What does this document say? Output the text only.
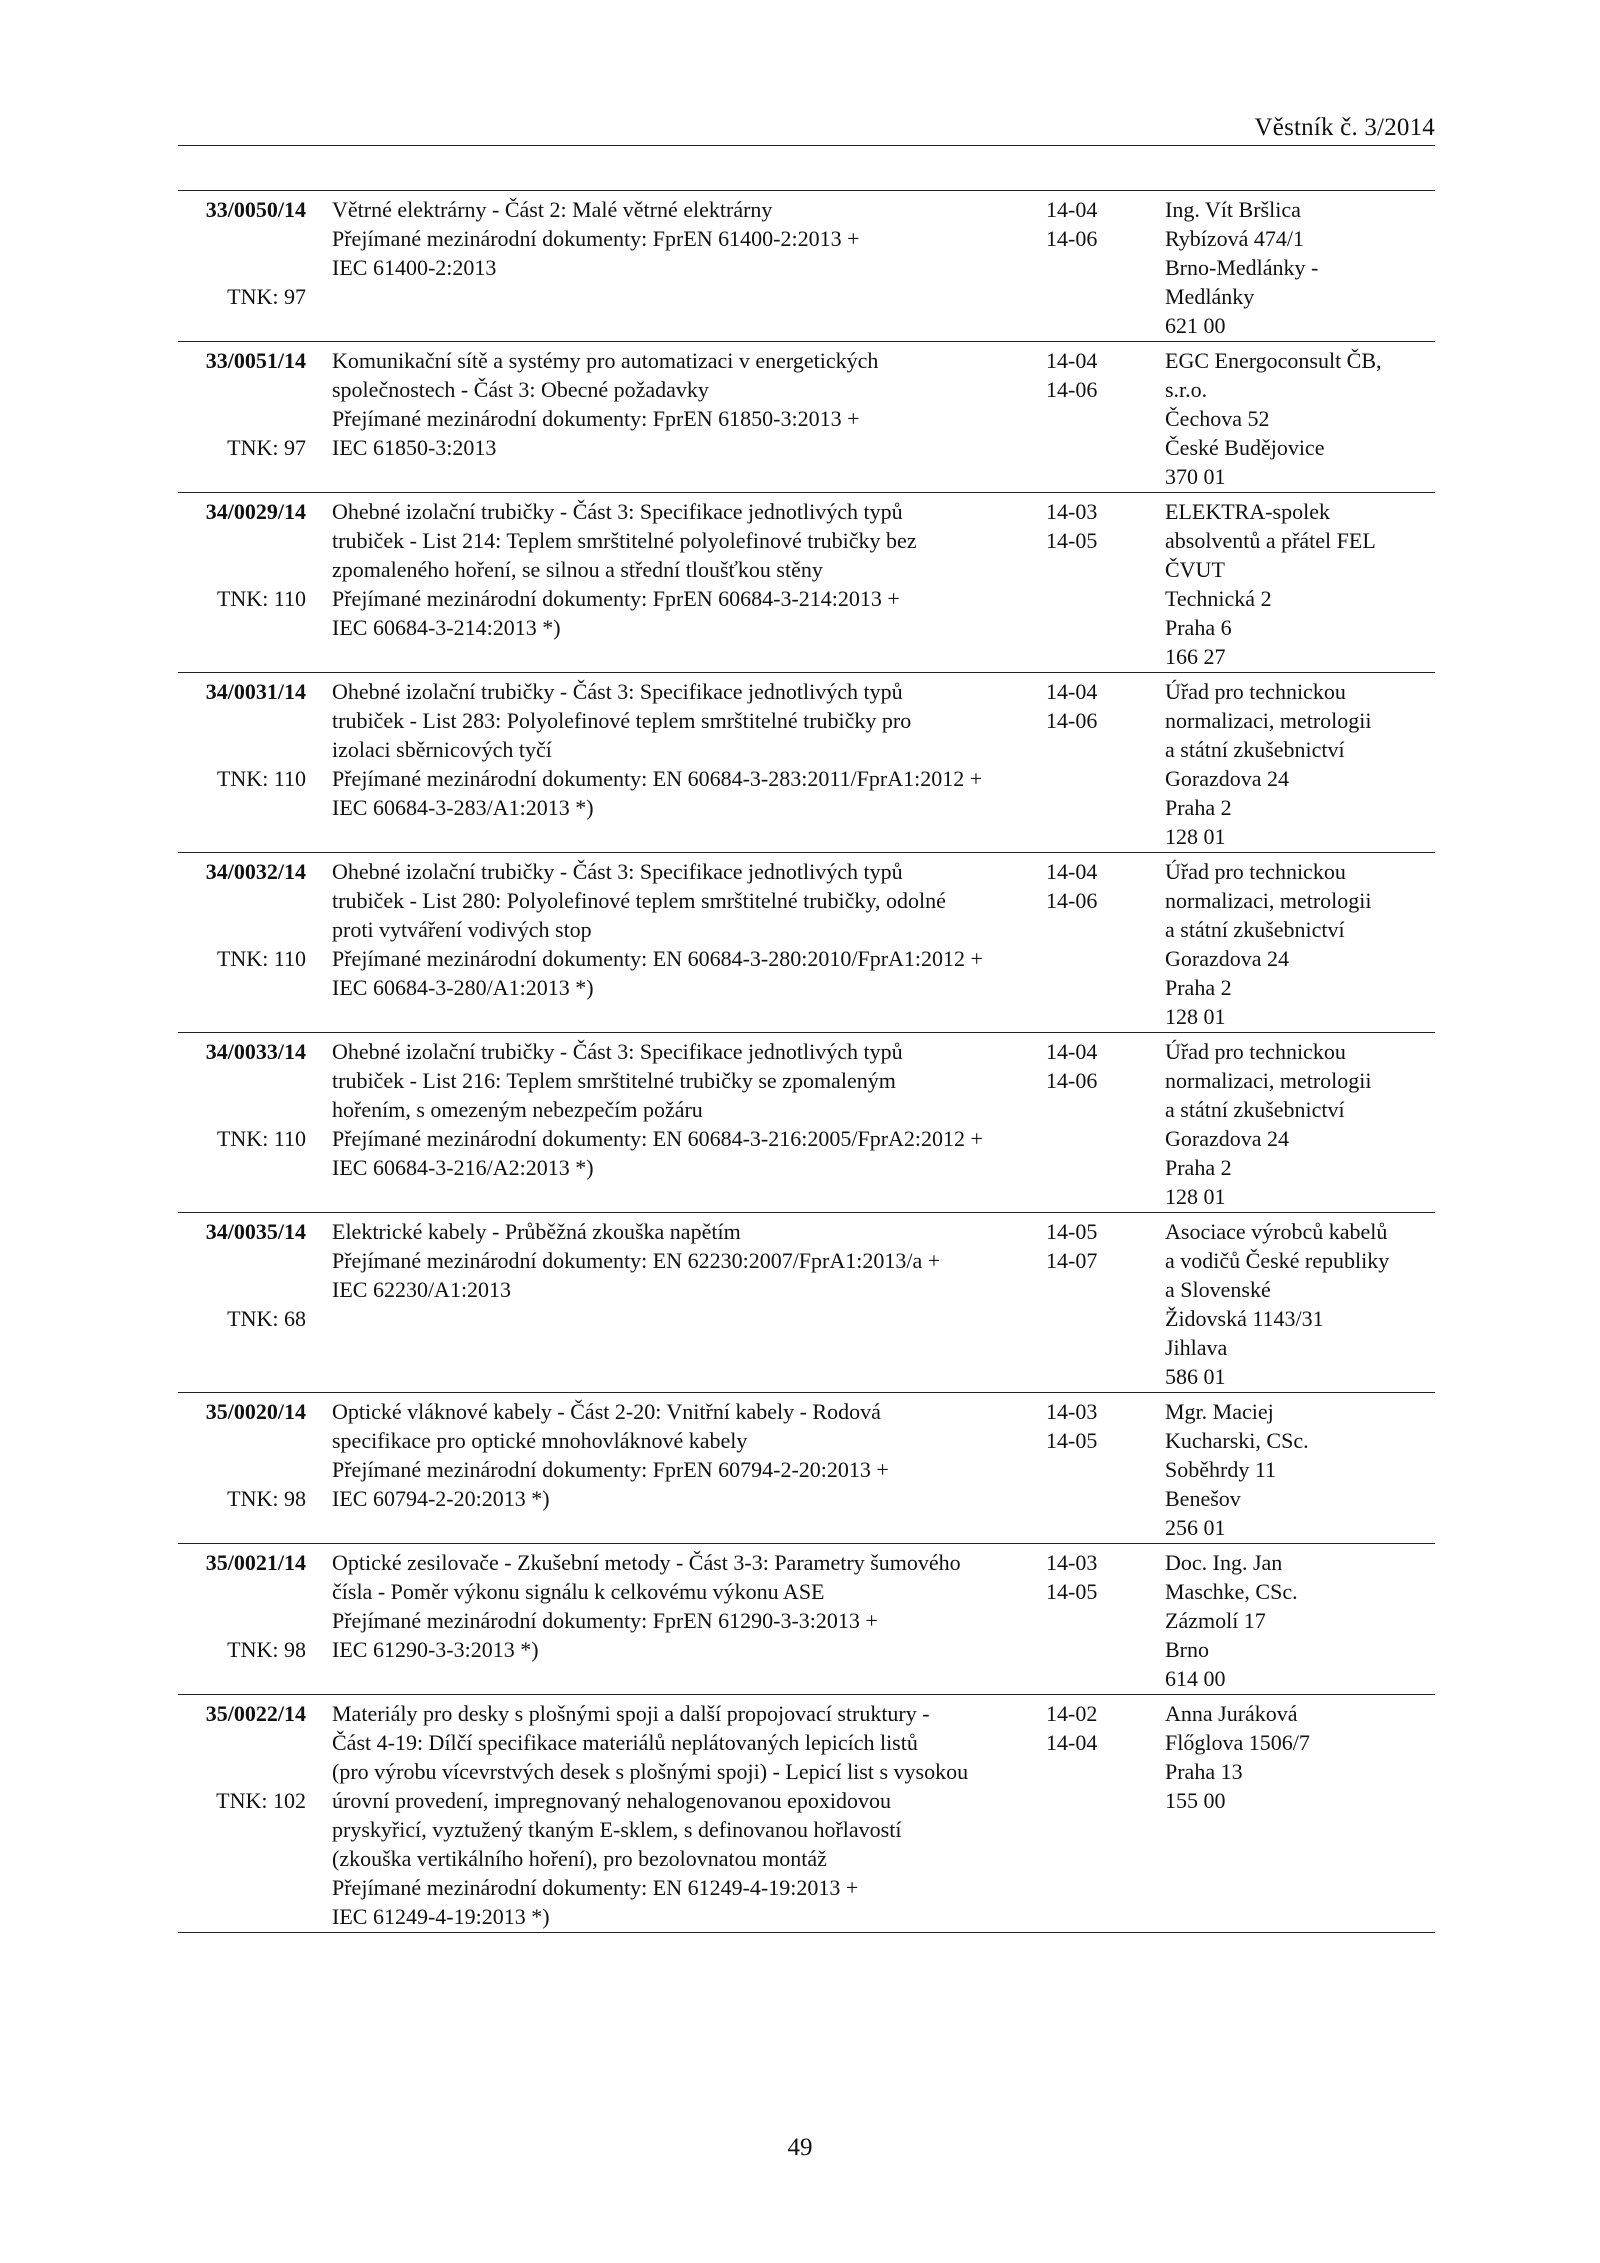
Věstník č. 3/2014
33/0050/14
TNK: 97
Větrné elektrárny - Část 2: Malé větrné elektrárny
Přejímané mezinárodní dokumenty: FprEN 61400-2:2013 +
IEC 61400-2:2013
14-04
14-06
Ing. Vít Bršlica
Rybízová 474/1
Brno-Medlánky -
Medlánky
621 00
33/0051/14
TNK: 97
Komunikační sítě a systémy pro automatizaci v energetických
společnostech - Část 3: Obecné požadavky
Přejímané mezinárodní dokumenty: FprEN 61850-3:2013 +
IEC 61850-3:2013
14-04
14-06
EGC Energoconsult ČB,
s.r.o.
Čechova 52
České Budějovice
370 01
34/0029/14
TNK: 110
Ohebné izolační trubičky - Část 3: Specifikace jednotlivých typů
trubiček - List 214: Teplem smrštitelné polyolefinové trubičky bez
zpomaleného hoření, se silnou a střední tloušťkou stěny
Přejímané mezinárodní dokumenty: FprEN 60684-3-214:2013 +
IEC 60684-3-214:2013 *)
14-03
14-05
ELEKTRA-spolek
absolventů a přátel FEL
ČVUT
Technická 2
Praha 6
166 27
34/0031/14
TNK: 110
Ohebné izolační trubičky - Část 3: Specifikace jednotlivých typů
trubiček - List 283: Polyolefinové teplem smrštitelné trubičky pro
izolaci sběrnicových tyčí
Přejímané mezinárodní dokumenty: EN 60684-3-283:2011/FprA1:2012 +
IEC 60684-3-283/A1:2013 *)
14-04
14-06
Úřad pro technickou
normalizaci, metrologii
a státní zkušebnictví
Gorazdova 24
Praha 2
128 01
34/0032/14
TNK: 110
Ohebné izolační trubičky - Část 3: Specifikace jednotlivých typů
trubiček - List 280: Polyolefinové teplem smrštitelné trubičky, odolné
proti vytváření vodivých stop
Přejímané mezinárodní dokumenty: EN 60684-3-280:2010/FprA1:2012 +
IEC 60684-3-280/A1:2013 *)
14-04
14-06
Úřad pro technickou
normalizaci, metrologii
a státní zkušebnictví
Gorazdova 24
Praha 2
128 01
34/0033/14
TNK: 110
Ohebné izolační trubičky - Část 3: Specifikace jednotlivých typů
trubiček - List 216: Teplem smrštitelné trubičky se zpomaleným
hořením, s omezeným nebezpečím požáru
Přejímané mezinárodní dokumenty: EN 60684-3-216:2005/FprA2:2012 +
IEC 60684-3-216/A2:2013 *)
14-04
14-06
Úřad pro technickou
normalizaci, metrologii
a státní zkušebnictví
Gorazdova 24
Praha 2
128 01
34/0035/14
TNK: 68
Elektrické kabely - Průběžná zkouška napětím
Přejímané mezinárodní dokumenty: EN 62230:2007/FprA1:2013/a +
IEC 62230/A1:2013
14-05
14-07
Asociace výrobců kabelů
a vodičů České republiky
a Slovenské
Židovská 1143/31
Jihlava
586 01
35/0020/14
TNK: 98
Optické vláknové kabely - Část 2-20: Vnitřní kabely - Rodová
specifikace pro optické mnohovláknové kabely
Přejímané mezinárodní dokumenty: FprEN 60794-2-20:2013 +
IEC 60794-2-20:2013 *)
14-03
14-05
Mgr. Maciej
Kucharski, CSc.
Soběhrdy 11
Benešov
256 01
35/0021/14
TNK: 98
Optické zesilovače - Zkušební metody - Část 3-3: Parametry šumového
čísla - Poměr výkonu signálu k celkovému výkonu ASE
Přejímané mezinárodní dokumenty: FprEN 61290-3-3:2013 +
IEC 61290-3-3:2013 *)
14-03
14-05
Doc. Ing. Jan
Maschke, CSc.
Zázmolí 17
Brno
614 00
35/0022/14
TNK: 102
Materiály pro desky s plošnými spoji a další propojovací struktury -
Část 4-19: Dílčí specifikace materiálů neplátovaných lepicích listů
(pro výrobu vícevrstvých desek s plošnými spoji) - Lepicí list s vysokou
úrovní provedení, impregnovaný nehalogenovanou epoxidovou
pryskyřicí, vyztužený tkaným E-sklem, s definovanou hořlavostí
(zkouška vertikálního hoření), pro bezolovnatou montáž
Přejímané mezinárodní dokumenty: EN 61249-4-19:2013 +
IEC 61249-4-19:2013 *)
14-02
14-04
Anna Juráková
Flőglova 1506/7
Praha 13
155 00
49
